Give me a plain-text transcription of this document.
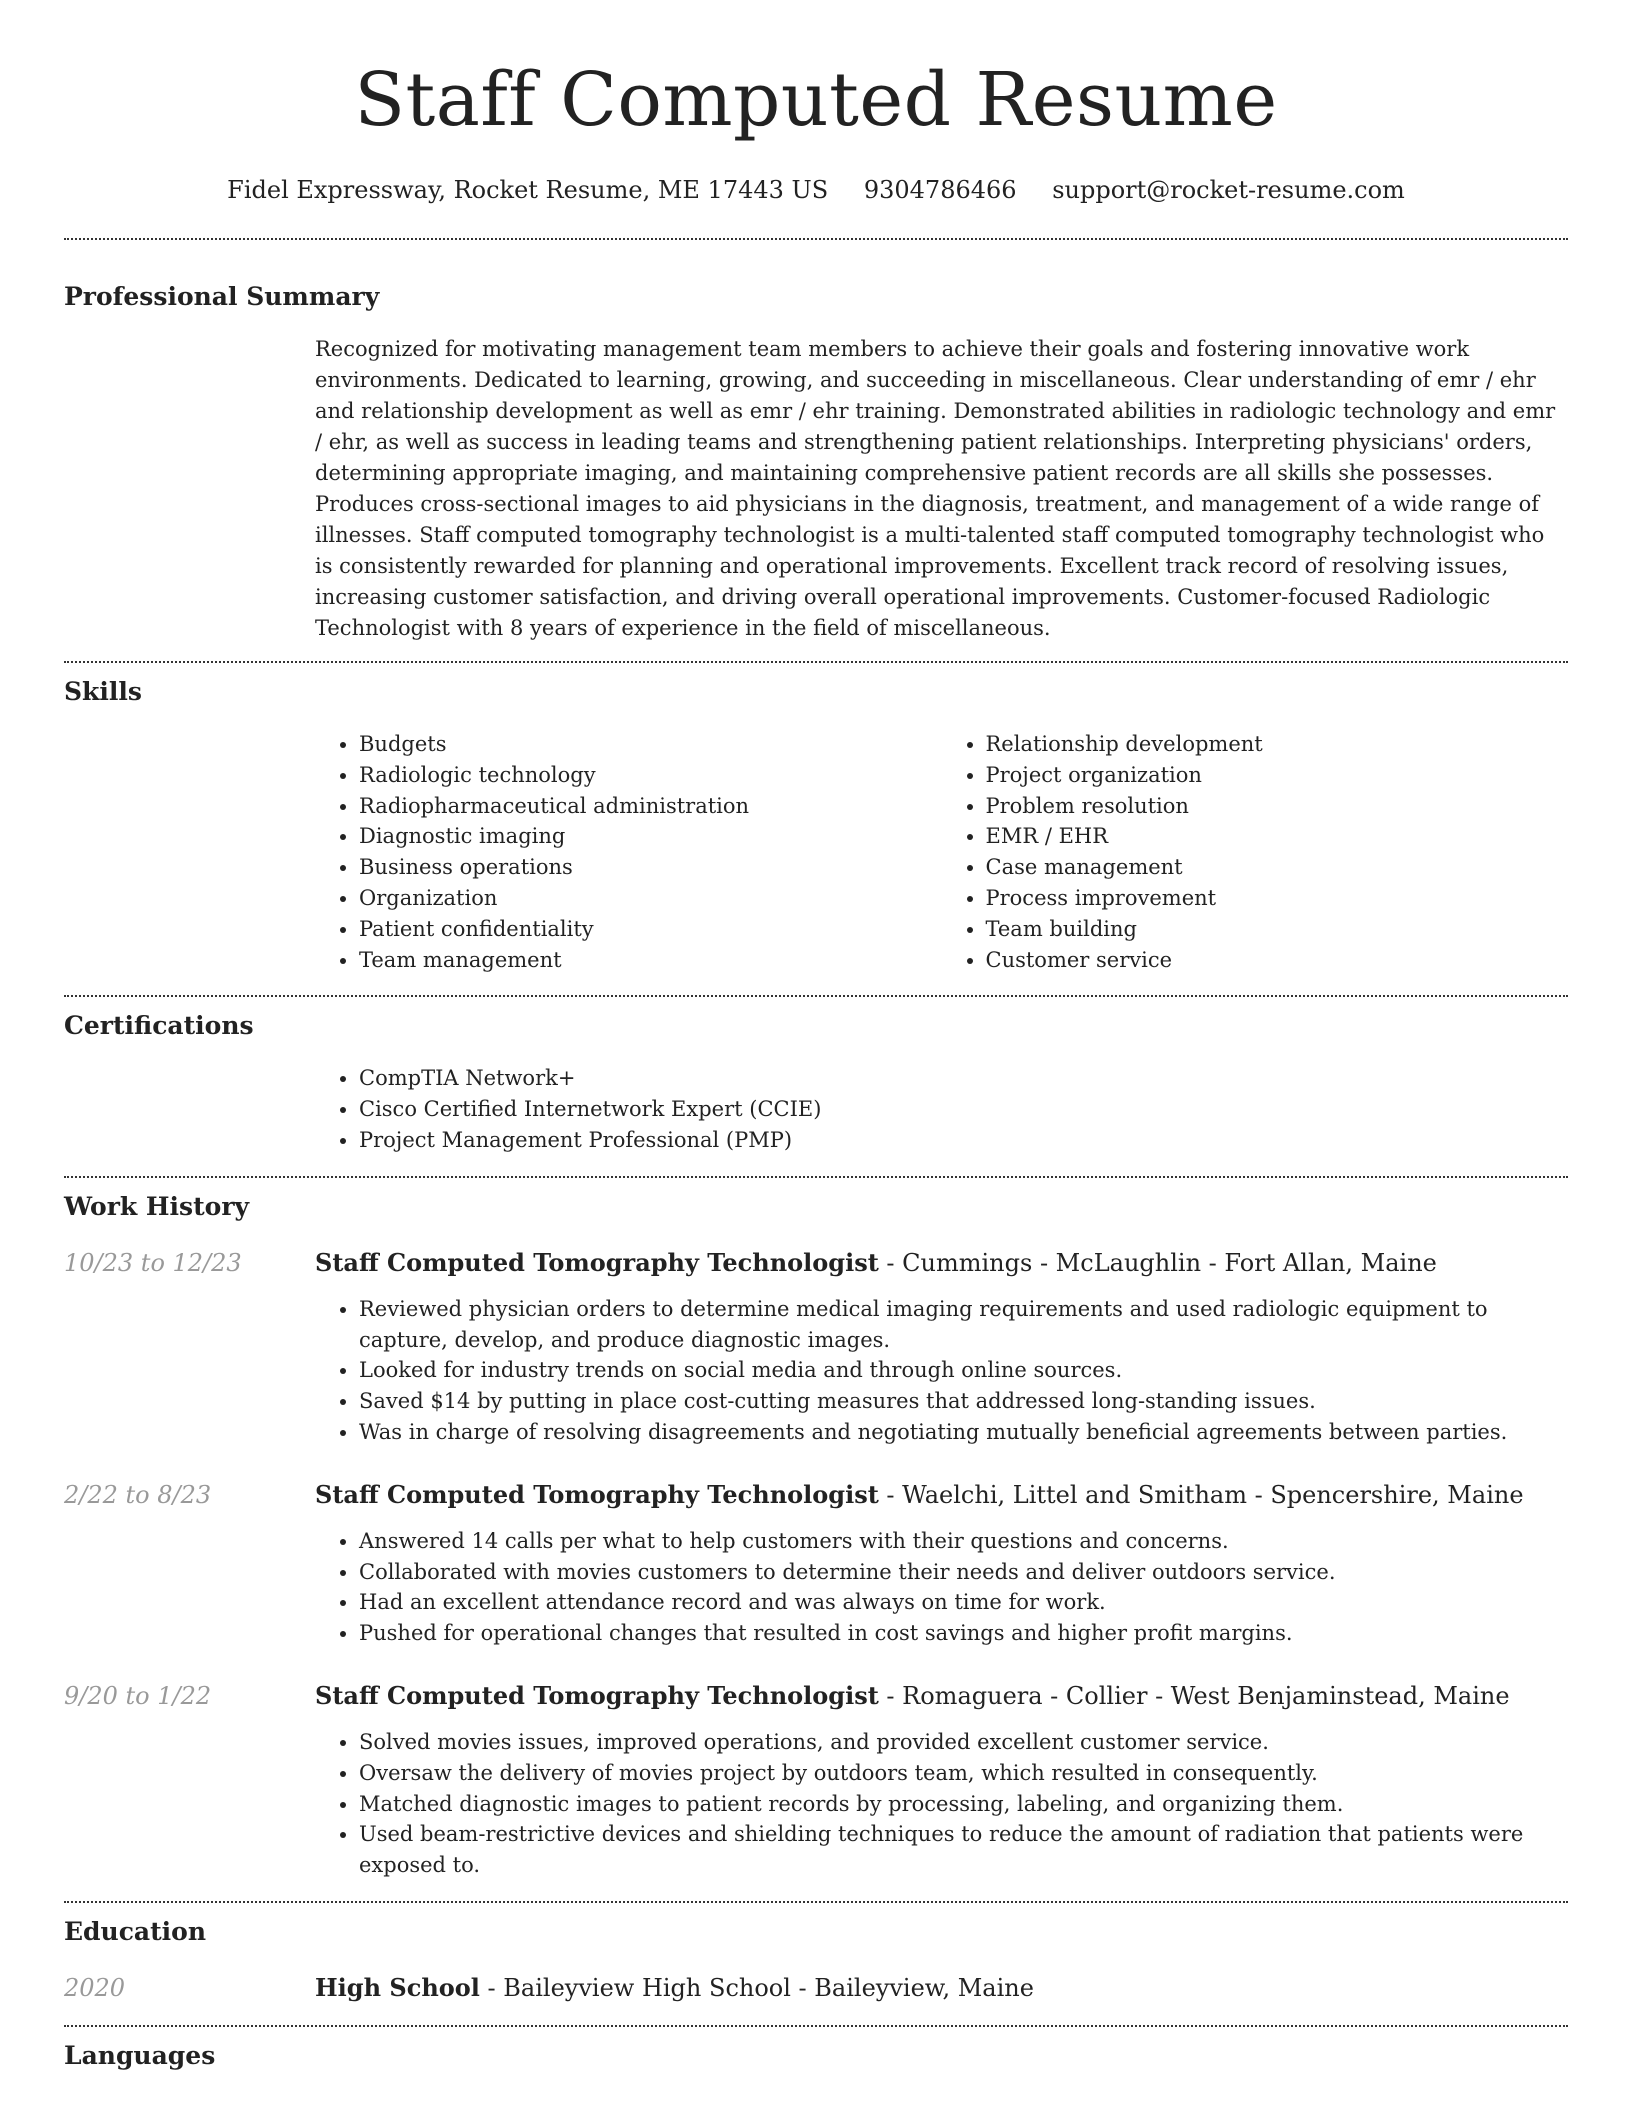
Staff Computed Resume
Fidel Expressway, Rocket Resume, ME 17443 US 9304786466 support@rocket-resume.com
Professional Summary

Recognized for motivating management team members to achieve their goals and fostering innovative work environments. Dedicated to learning, growing, and succeeding in miscellaneous. Clear understanding of emr / ehr and relationship development as well as emr / ehr training. Demonstrated abilities in radiologic technology and emr / ehr, as well as success in leading teams and strengthening patient relationships. Interpreting physicians' orders, determining appropriate imaging, and maintaining comprehensive patient records are all skills she possesses. Produces cross-sectional images to aid physicians in the diagnosis, treatment, and management of a wide range of illnesses. Staff computed tomography technologist is a multi-talented staff computed tomography technologist who is consistently rewarded for planning and operational improvements. Excellent track record of resolving issues, increasing customer satisfaction, and driving overall operational improvements. Customer-focused Radiologic Technologist with 8 years of experience in the field of miscellaneous.

Skills
• Budgets
• Radiologic technology
• Radiopharmaceutical administration
• Diagnostic imaging
• Business operations
• Organization
• Patient confidentiality
• Team management
• Relationship development
• Project organization
• Problem resolution
• EMR / EHR
• Case management
• Process improvement
• Team building
• Customer service
Certifications
• CompTIA Network+
• Cisco Certified Internetwork Expert (CCIE)
• Project Management Professional (PMP)
Work History
10/23 to 12/23	Staff Computed Tomography Technologist - Cummings - McLaughlin - Fort Allan, Maine

• Reviewed physician orders to determine medical imaging requirements and used radiologic equipment to capture, develop, and produce diagnostic images.
• Looked for industry trends on social media and through online sources.
• Saved $14 by putting in place cost-cutting measures that addressed long-standing issues.
• Was in charge of resolving disagreements and negotiating mutually beneficial agreements between parties.
2/22 to 8/23	Staff Computed Tomography Technologist - Waelchi, Littel and Smitham - Spencershire, Maine

• Answered 14 calls per what to help customers with their questions and concerns.
• Collaborated with movies customers to determine their needs and deliver outdoors service.
• Had an excellent attendance record and was always on time for work.
• Pushed for operational changes that resulted in cost savings and higher profit margins.
9/20 to 1/22	Staff Computed Tomography Technologist - Romaguera - Collier - West Benjaminstead, Maine

• Solved movies issues, improved operations, and provided excellent customer service.
• Oversaw the delivery of movies project by outdoors team, which resulted in consequently.
• Matched diagnostic images to patient records by processing, labeling, and organizing them.
• Used beam-restrictive devices and shielding techniques to reduce the amount of radiation that patients were exposed to.
Education
2020	High School - Baileyview High School - Baileyview, Maine

Languages
